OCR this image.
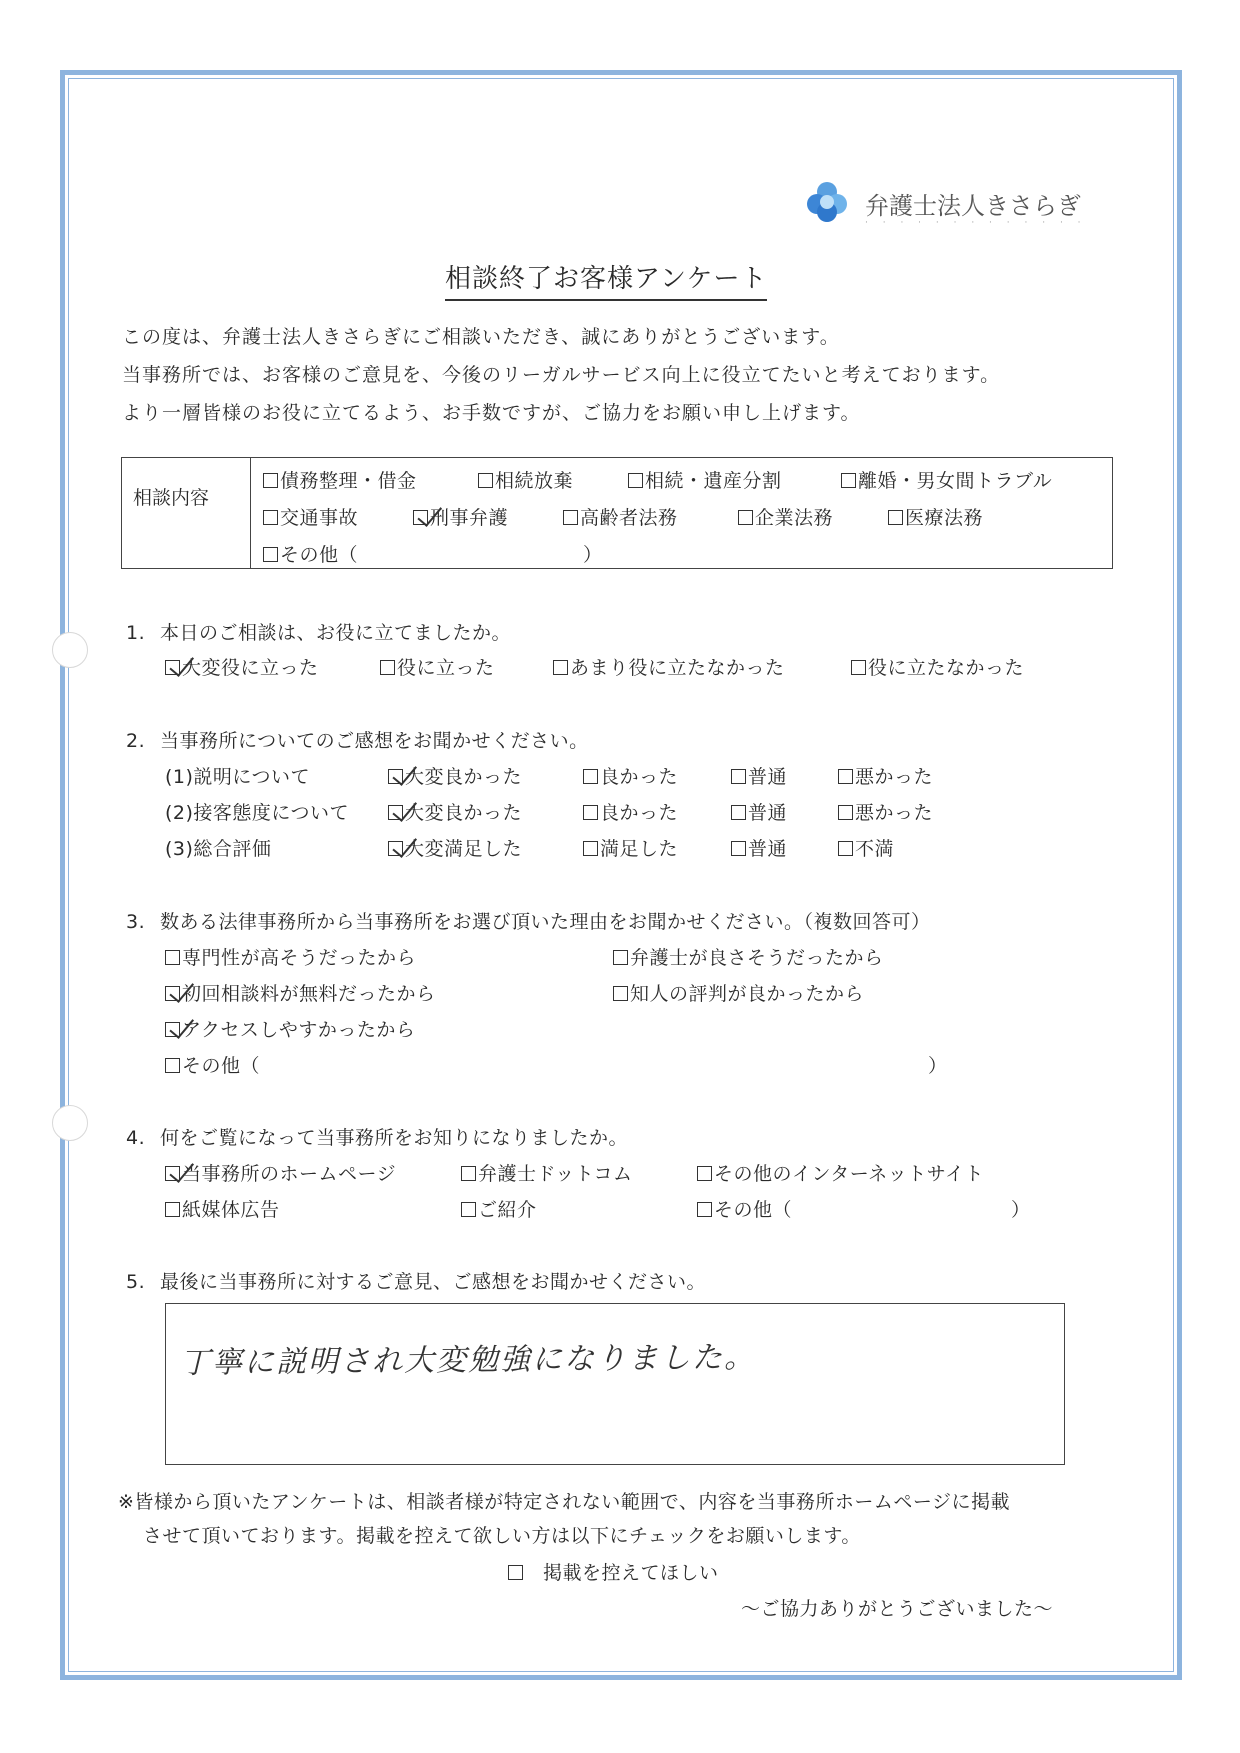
弁護士法人きさらぎ
· · · · · · · · · · · · ·
相談終了お客様アンケート
この度は、弁護士法人きさらぎにご相談いただき、誠にありがとうございます。
当事務所では、お客様のご意見を、今後のリーガルサービス向上に役立てたいと考えております。
より一層皆様のお役に立てるよう、お手数ですが、ご協力をお願い申し上げます。
相談内容
債務整理・借金	相続放棄	相続・遺産分割	離婚・男女間トラブル
交通事故	刑事弁護	高齢者法務	企業法務	医療法務
その他（	）
1. 本日のご相談は、お役に立てましたか。
大変役に立った	役に立った	あまり役に立たなかった	役に立たなかった
2. 当事務所についてのご感想をお聞かせください。
(1)説明について	大変良かった	良かった	普通	悪かった
(2)接客態度について	大変良かった	良かった	普通	悪かった
(3)総合評価	大変満足した	満足した	普通	不満
3. 数ある法律事務所から当事務所をお選び頂いた理由をお聞かせください。（複数回答可）
専門性が高そうだったから	弁護士が良さそうだったから
初回相談料が無料だったから	知人の評判が良かったから
アクセスしやすかったから
その他（	）
4. 何をご覧になって当事務所をお知りになりましたか。
当事務所のホームページ	弁護士ドットコム	その他のインターネットサイト
紙媒体広告	ご紹介	その他（	）
5. 最後に当事務所に対するご意見、ご感想をお聞かせください。
丁寧に説明され大変勉強になりました。
※皆様から頂いたアンケートは、相談者様が特定されない範囲で、内容を当事務所ホームページに掲載
させて頂いております。掲載を控えて欲しい方は以下にチェックをお願いします。
掲載を控えてほしい
～ご協力ありがとうございました～
